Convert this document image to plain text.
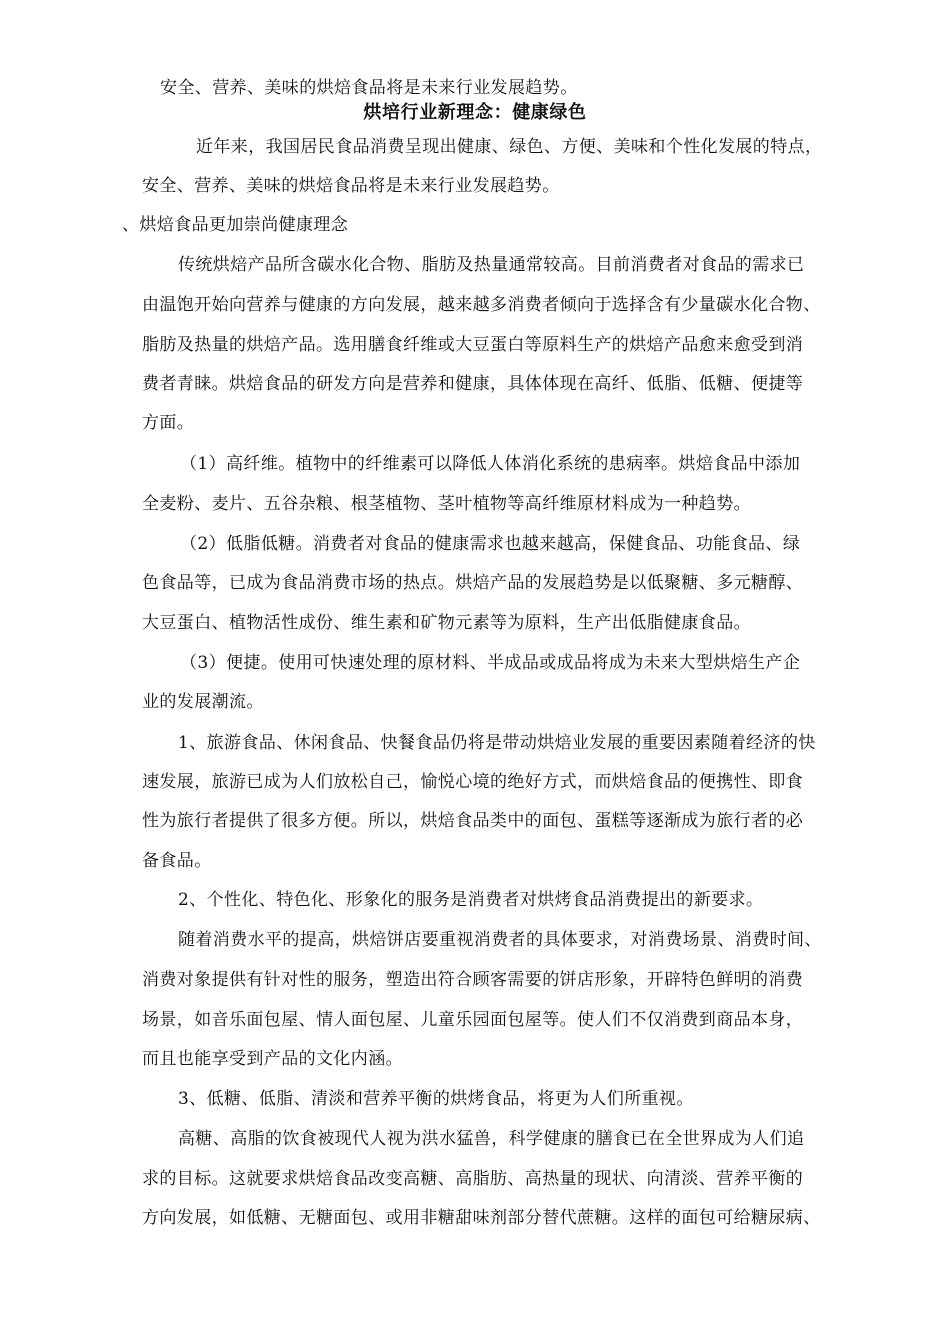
安全、营养、美味的烘焙食品将是未来行业发展趋势。
烘培行业新理念：健康绿色
近年来，我国居民食品消费呈现出健康、绿色、方便、美味和个性化发展的特点，
安全、营养、美味的烘焙食品将是未来行业发展趋势。
、烘焙食品更加崇尚健康理念
传统烘焙产品所含碳水化合物、脂肪及热量通常较高。目前消费者对食品的需求已
由温饱开始向营养与健康的方向发展，越来越多消费者倾向于选择含有少量碳水化合物、
脂肪及热量的烘焙产品。选用膳食纤维或大豆蛋白等原料生产的烘焙产品愈来愈受到消
费者青睐。烘焙食品的研发方向是营养和健康，具体体现在高纤、低脂、低糖、便捷等
方面。
（1）高纤维。植物中的纤维素可以降低人体消化系统的患病率。烘焙食品中添加
全麦粉、麦片、五谷杂粮、根茎植物、茎叶植物等高纤维原材料成为一种趋势。
（2）低脂低糖。消费者对食品的健康需求也越来越高，保健食品、功能食品、绿
色食品等，已成为食品消费市场的热点。烘焙产品的发展趋势是以低聚糖、多元糖醇、
大豆蛋白、植物活性成份、维生素和矿物元素等为原料，生产出低脂健康食品。
（3）便捷。使用可快速处理的原材料、半成品或成品将成为未来大型烘焙生产企
业的发展潮流。
1、旅游食品、休闲食品、快餐食品仍将是带动烘焙业发展的重要因素随着经济的快
速发展，旅游已成为人们放松自己，愉悦心境的绝好方式，而烘焙食品的便携性、即食
性为旅行者提供了很多方便。所以，烘焙食品类中的面包、蛋糕等逐渐成为旅行者的必
备食品。
2、个性化、特色化、形象化的服务是消费者对烘烤食品消费提出的新要求。
随着消费水平的提高，烘焙饼店要重视消费者的具体要求，对消费场景、消费时间、
消费对象提供有针对性的服务，塑造出符合顾客需要的饼店形象，开辟特色鲜明的消费
场景，如音乐面包屋、情人面包屋、儿童乐园面包屋等。使人们不仅消费到商品本身，
而且也能享受到产品的文化内涵。
3、低糖、低脂、清淡和营养平衡的烘烤食品，将更为人们所重视。
高糖、高脂的饮食被现代人视为洪水猛兽，科学健康的膳食已在全世界成为人们追
求的目标。这就要求烘焙食品改变高糖、高脂肪、高热量的现状、向清淡、营养平衡的
方向发展，如低糖、无糖面包、或用非糖甜味剂部分替代蔗糖。这样的面包可给糖尿病、
